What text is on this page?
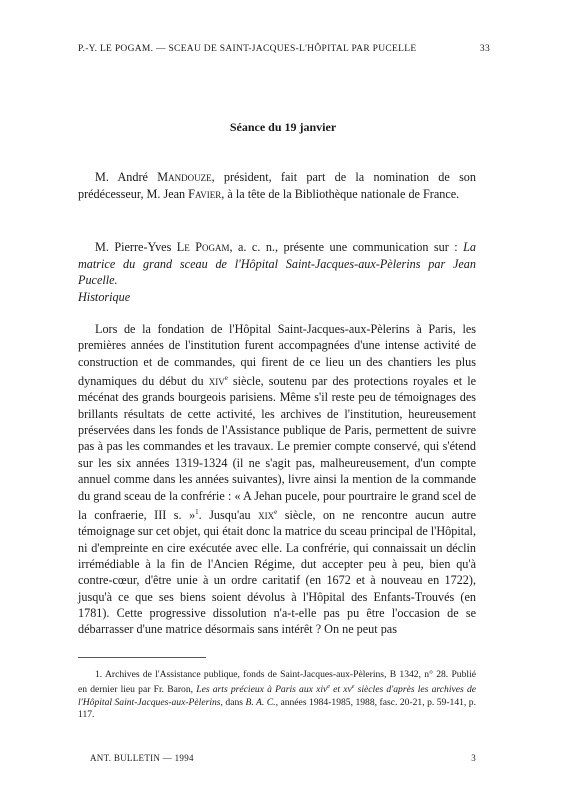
P.-Y. LE POGAM. — SCEAU DE SAINT-JACQUES-L'HÔPITAL PAR PUCELLE	33
Séance du 19 janvier

M. André Mandouze, président, fait part de la nomination de son prédécesseur, M. Jean Favier, à la tête de la Bibliothèque nationale de France.

M. Pierre-Yves Le Pogam, a. c. n., présente une communication sur : La matrice du grand sceau de l'Hôpital Saint-Jacques-aux-Pèlerins par Jean Pucelle.

Historique

Lors de la fondation de l'Hôpital Saint-Jacques-aux-Pèlerins à Paris, les premières années de l'institution furent accompagnées d'une intense activité de construction et de commandes, qui firent de ce lieu un des chantiers les plus dynamiques du début du xiv$^e$ siècle, soutenu par des protections royales et le mécénat des grands bourgeois parisiens. Même s'il reste peu de témoignages des brillants résultats de cette activité, les archives de l'institution, heureusement préservées dans les fonds de l'Assistance publique de Paris, permettent de suivre pas à pas les commandes et les travaux. Le premier compte conservé, qui s'étend sur les six années 1319-1324 (il ne s'agit pas, malheureusement, d'un compte annuel comme dans les années suivantes), livre ainsi la mention de la commande du grand sceau de la confrérie : « A Jehan pucele, pour pourtraire le grand scel de la confraerie, III s. »$^1$. Jusqu'au xix$^e$ siècle, on ne rencontre aucun autre témoignage sur cet objet, qui était donc la matrice du sceau principal de l'Hôpital, ni d'empreinte en cire exécutée avec elle. La confrérie, qui connaissait un déclin irrémédiable à la fin de l'Ancien Régime, dut accepter peu à peu, bien qu'à contre-cœur, d'être unie à un ordre caritatif (en 1672 et à nouveau en 1722), jusqu'à ce que ses biens soient dévolus à l'Hôpital des Enfants-Trouvés (en 1781). Cette progressive dissolution n'a-t-elle pas pu être l'occasion de se débarrasser d'une matrice désormais sans intérêt ? On ne peut pas

1. Archives de l'Assistance publique, fonds de Saint-Jacques-aux-Pèlerins, B 1342, n° 28. Publié en dernier lieu par Fr. Baron, Les arts précieux à Paris aux xiv$^e$ et $xv^e$ siècles d'après les archives de l'Hôpital Saint-Jacques-aux-Pèlerins, dans B. A. C., années 1984-1985, 1988, fasc. 20-21, p. 59-141, p. 117.

ANT. BULLETIN — 1994	3
